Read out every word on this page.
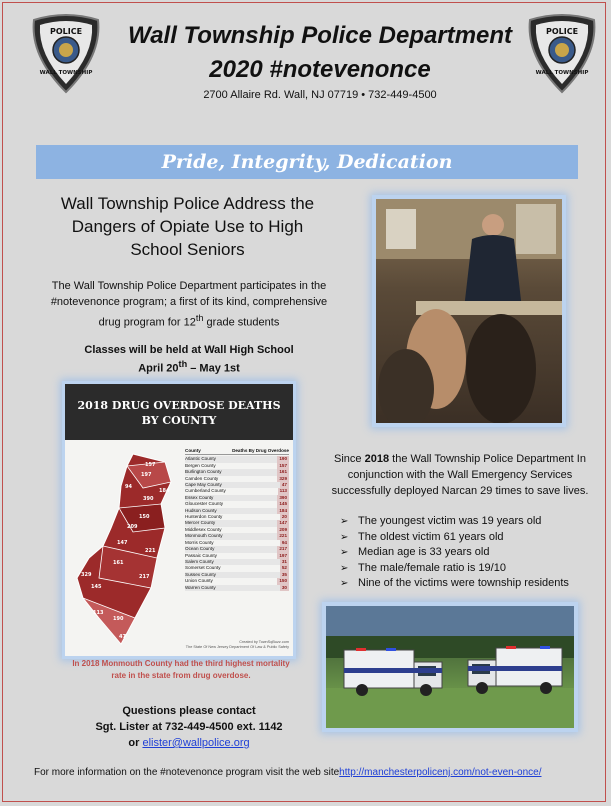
POLICE
WALL TOWNSHIP
POLICE
WALL TOWNSHIP
Wall Township Police Department
2020 #notevenonce
2700 Allaire Rd. Wall, NJ 07719 • 732-449-4500
Pride, Integrity, Dedication
Wall Township Police Address the Dangers of Opiate Use to High School Seniors
The Wall Township Police Department participates in the #notevenonce program; a first of its kind, comprehensive drug program for 12th grade students
Classes will be held at Wall High School
April 20th – May 1st
2018 DRUG OVERDOSE DEATHS
BY COUNTY
157
184
390
94
150
209
221
217
161
147
329
145
113
190
47
197
County	Deaths By Drug Overdose
Atlantic County	190
Bergen County	157
Burlington County	161
Camden County	329
Cape May County	47
Cumberland County	113
Essex County	390
Gloucester County	145
Hudson County	184
Hunterdon County	20
Mercer County	147
Middlesex County	209
Monmouth County	221
Morris County	94
Ocean County	217
Passaic County	197
Salem County	31
Somerset County	52
Sussex County	35
Union County	150
Warren County	30
Created by TownSqBuzz.com
The State Of New Jersey Department Of Law & Public Safety
In 2018 Monmouth County had the third highest mortality rate in the state from drug overdose.
Since 2018 the Wall Township Police Department In conjunction with the Wall Emergency Services successfully deployed Narcan 29 times to save lives.
➢ The youngest victim was 19 years old
➢ The oldest victim 61 years old
➢ Median age is 33 years old
➢ The male/female ratio is 19/10
➢ Nine of the victims were township residents
Questions please contact
Sgt. Lister at 732-449-4500 ext. 1142
or elister@wallpolice.org
For more information on the #notevenonce program visit the web sitehttp://manchesterpolicenj.com/not-even-once/
